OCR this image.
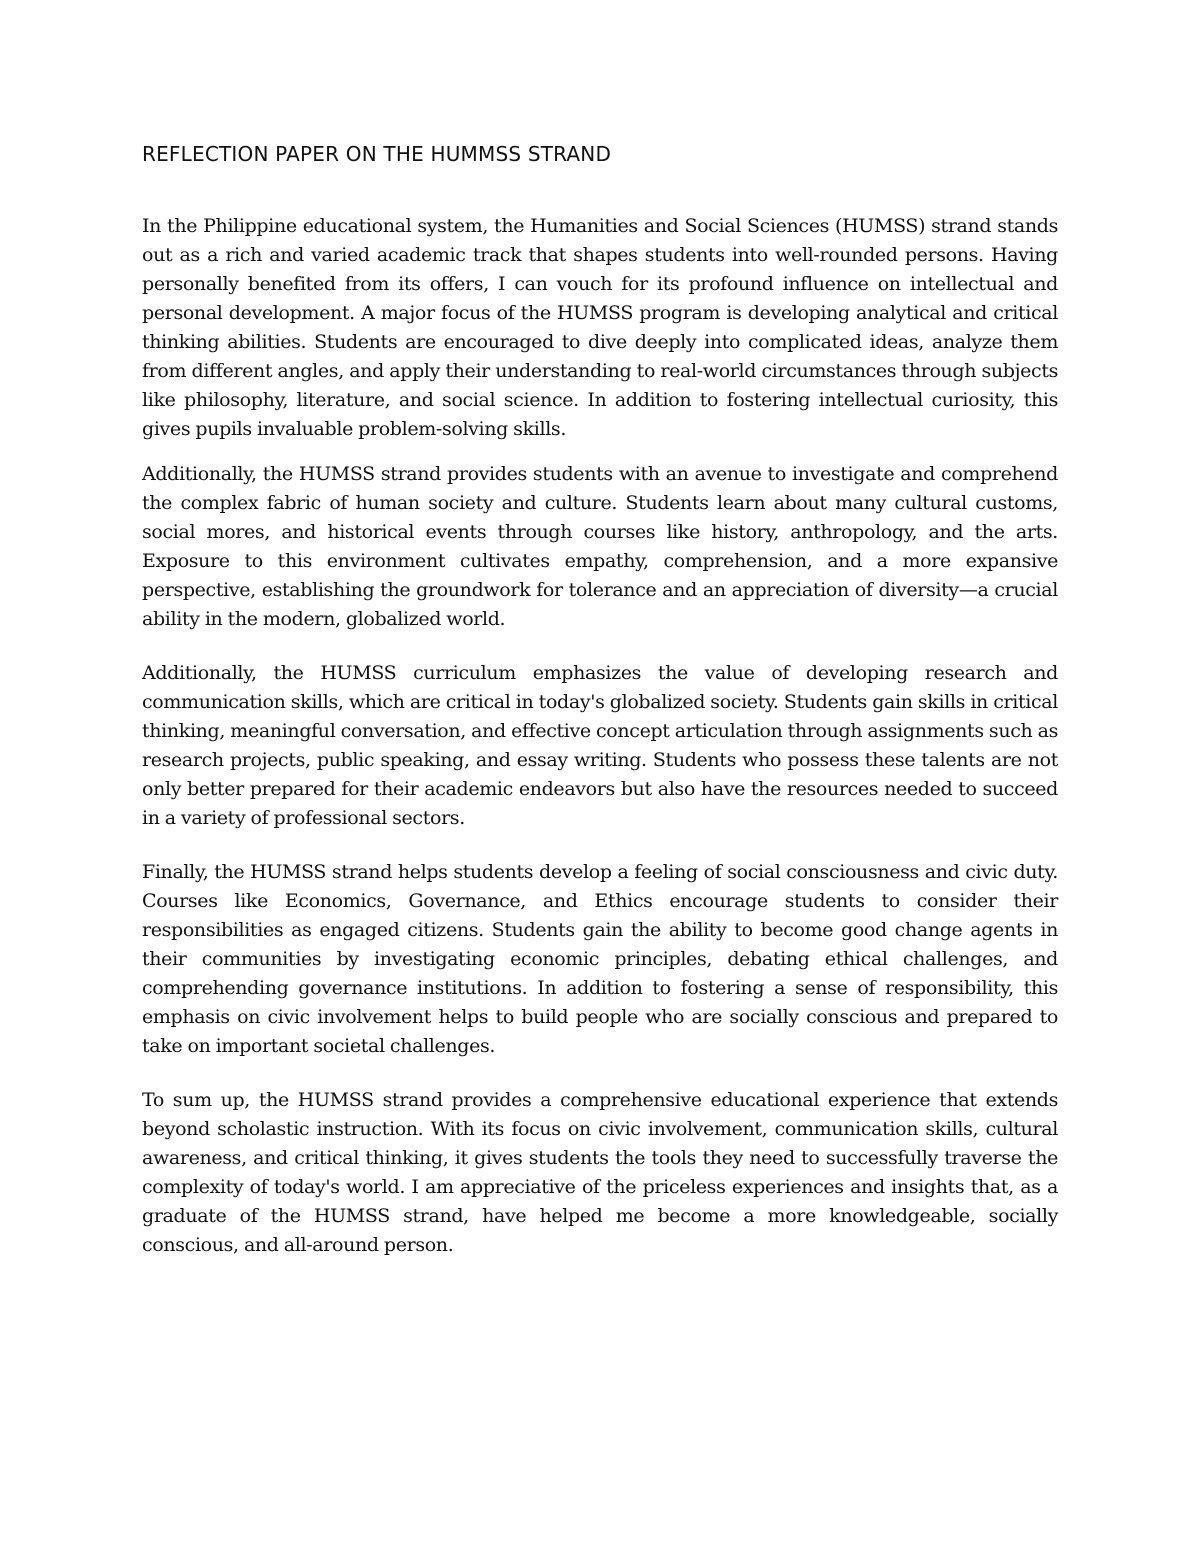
REFLECTION PAPER ON THE HUMMSS STRAND

In the Philippine educational system, the Humanities and Social Sciences (HUMSS) strand stands out as a rich and varied academic track that shapes students into well-rounded persons. Having personally benefited from its offers, I can vouch for its profound influence on intellectual and personal development. A major focus of the HUMSS program is developing analytical and critical thinking abilities. Students are encouraged to dive deeply into complicated ideas, analyze them from different angles, and apply their understanding to real-world circumstances through subjects like philosophy, literature, and social science. In addition to fostering intellectual curiosity, this gives pupils invaluable problem-solving skills.

Additionally, the HUMSS strand provides students with an avenue to investigate and comprehend the complex fabric of human society and culture. Students learn about many cultural customs, social mores, and historical events through courses like history, anthropology, and the arts. Exposure to this environment cultivates empathy, comprehension, and a more expansive perspective, establishing the groundwork for tolerance and an appreciation of diversity—a crucial ability in the modern, globalized world.

Additionally, the HUMSS curriculum emphasizes the value of developing research and communication skills, which are critical in today's globalized society. Students gain skills in critical thinking, meaningful conversation, and effective concept articulation through assignments such as research projects, public speaking, and essay writing. Students who possess these talents are not only better prepared for their academic endeavors but also have the resources needed to succeed in a variety of professional sectors.

Finally, the HUMSS strand helps students develop a feeling of social consciousness and civic duty. Courses like Economics, Governance, and Ethics encourage students to consider their responsibilities as engaged citizens. Students gain the ability to become good change agents in their communities by investigating economic principles, debating ethical challenges, and comprehending governance institutions. In addition to fostering a sense of responsibility, this emphasis on civic involvement helps to build people who are socially conscious and prepared to take on important societal challenges.

To sum up, the HUMSS strand provides a comprehensive educational experience that extends beyond scholastic instruction. With its focus on civic involvement, communication skills, cultural awareness, and critical thinking, it gives students the tools they need to successfully traverse the complexity of today's world. I am appreciative of the priceless experiences and insights that, as a graduate of the HUMSS strand, have helped me become a more knowledgeable, socially conscious, and all-around person.
